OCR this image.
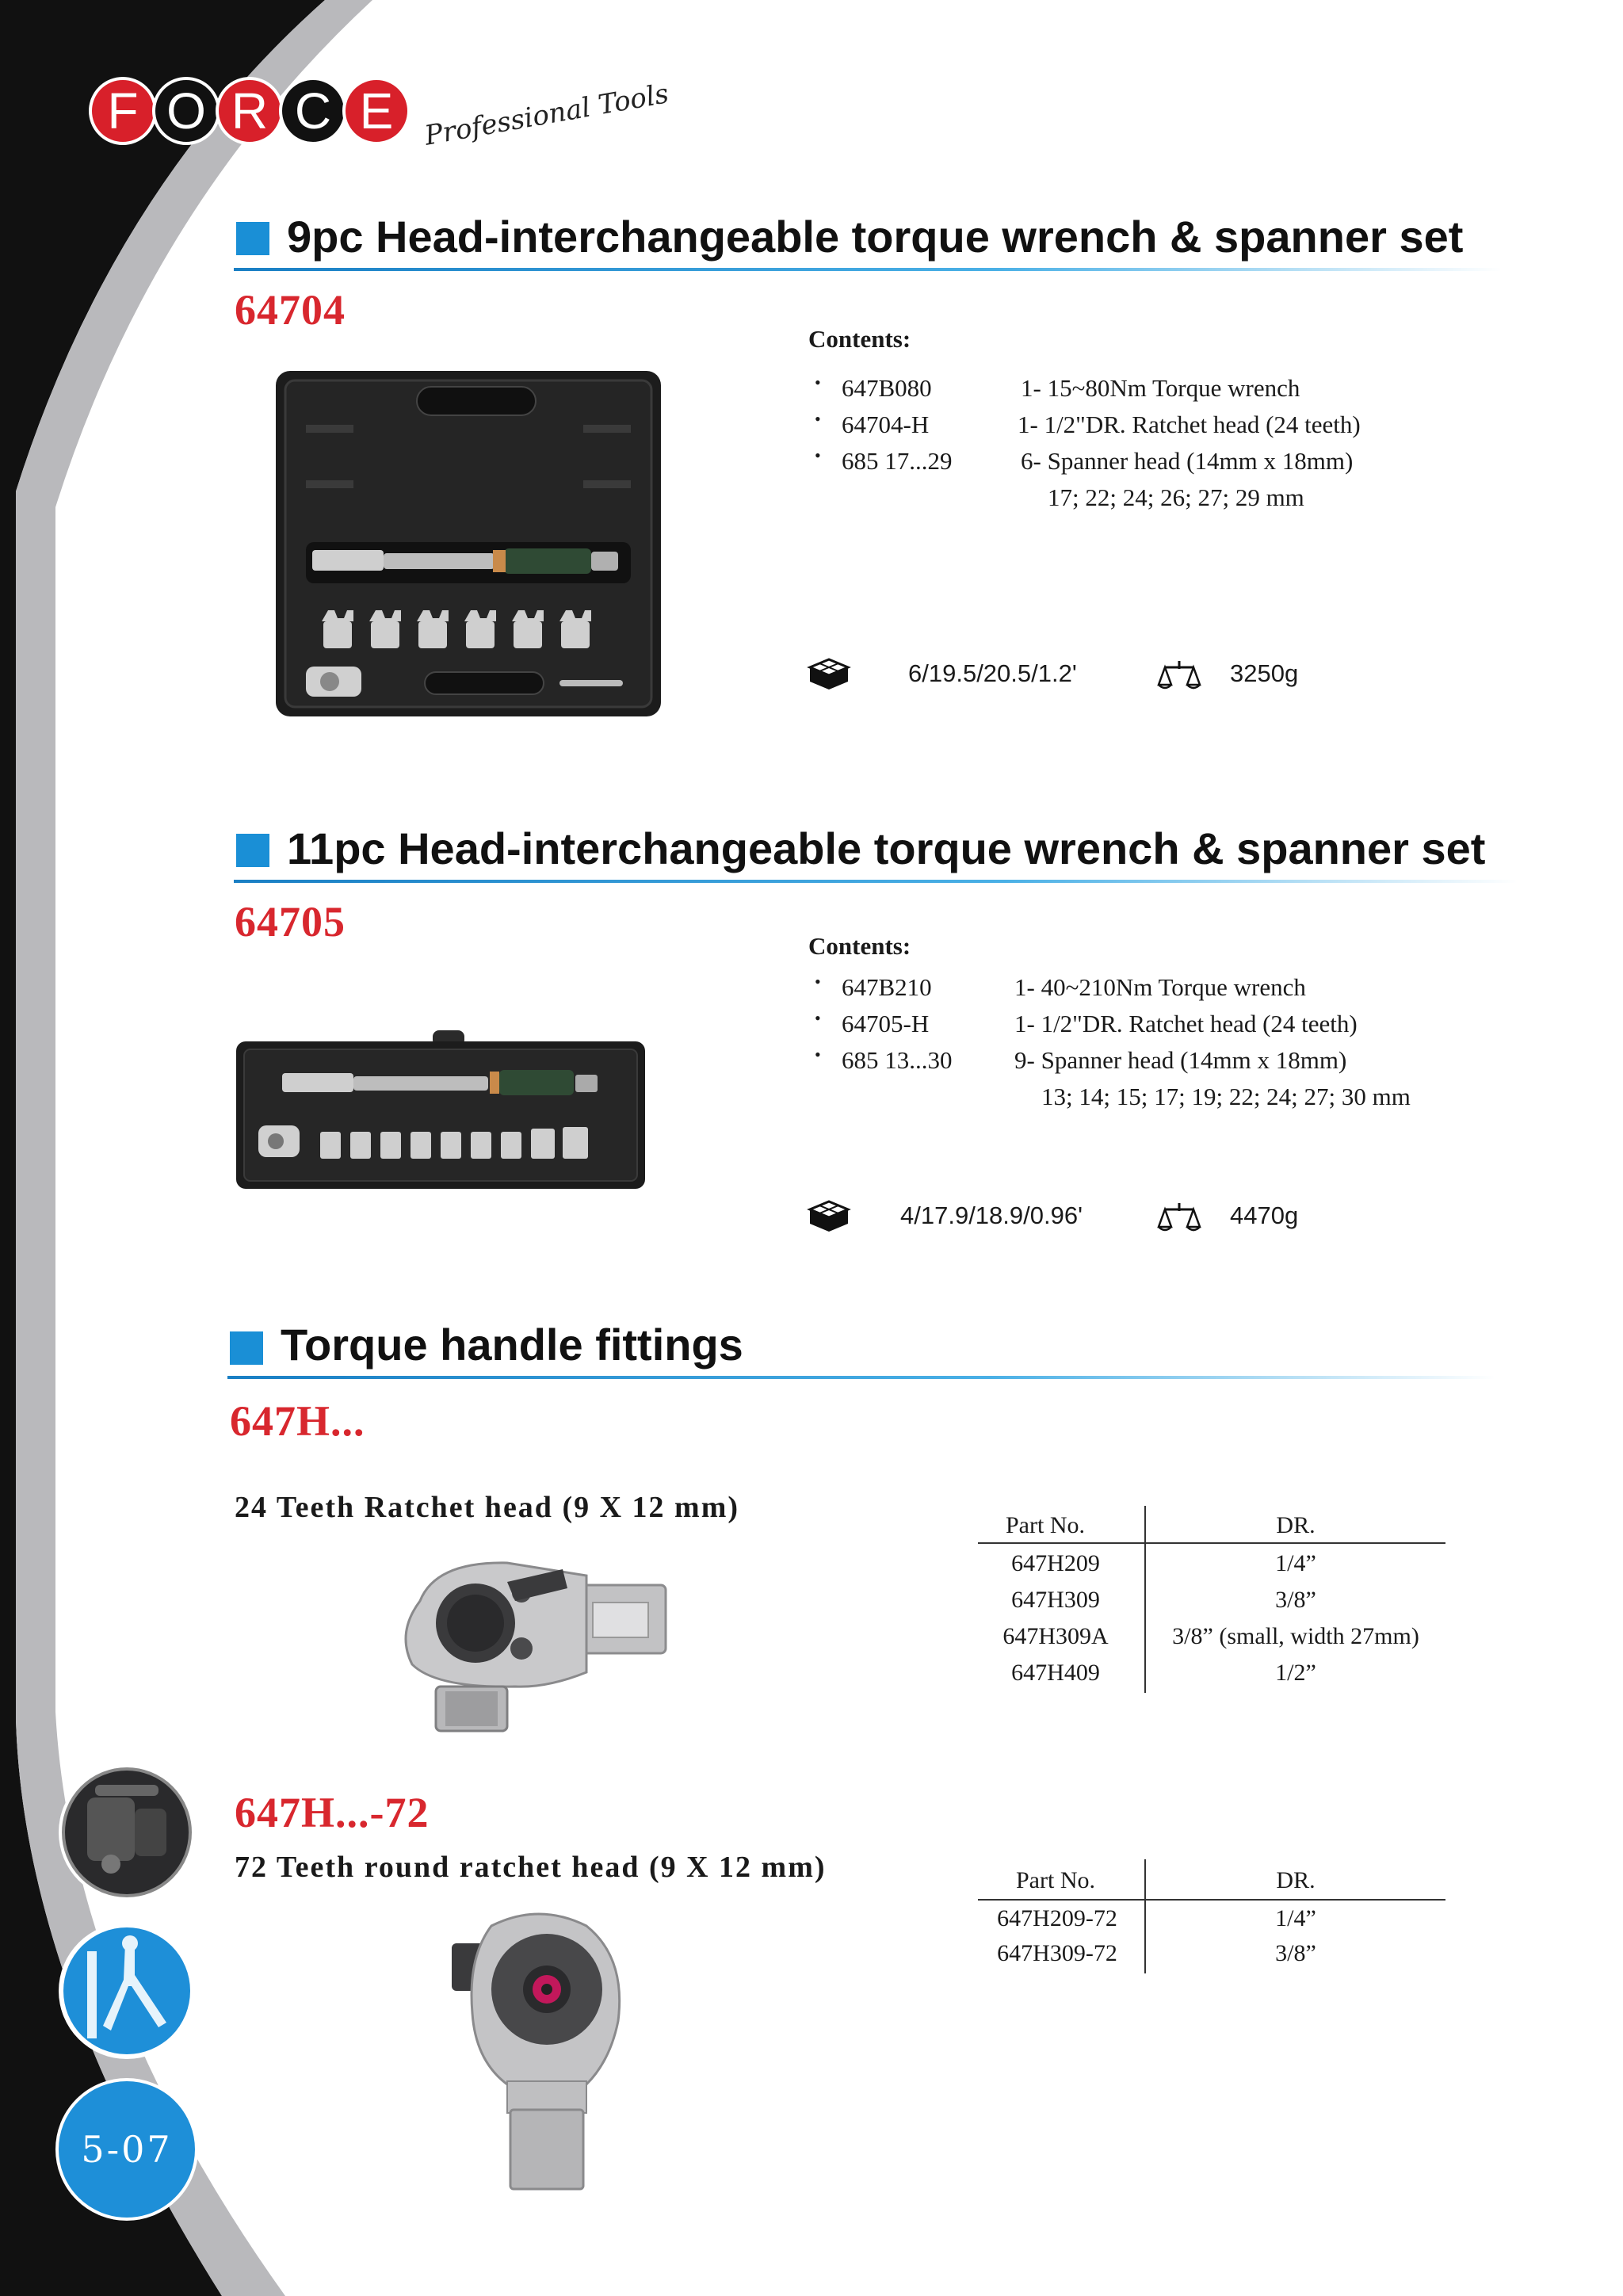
F O R C E	Professional Tools
9pc Head-interchangeable torque wrench & spanner set
64704
Contents:
• 647B080	1- 15~80Nm Torque wrench
• 64704-H	1- 1/2"DR. Ratchet head (24 teeth)
• 685 17...29	6- Spanner head (14mm x 18mm)
17; 22; 24; 26; 27; 29 mm
6/19.5/20.5/1.2'	3250g
11pc Head-interchangeable torque wrench & spanner set
64705
Contents:
• 647B210	1- 40~210Nm Torque wrench
• 64705-H	1- 1/2"DR. Ratchet head (24 teeth)
• 685 13...30	9- Spanner head (14mm x 18mm)
13; 14; 15; 17; 19; 22; 24; 27; 30 mm
4/17.9/18.9/0.96'	4470g
Torque handle fittings
647H...
24 Teeth Ratchet head (9 X 12 mm)
Part No.	DR.
647H209	1/4”
647H309	3/8”
647H309A	3/8” (small, width 27mm)
647H409	1/2”
647H...-72
72 Teeth round ratchet head (9 X 12 mm)	Part No.	DR.
647H209-72	1/4”
647H309-72	3/8”
5-07
